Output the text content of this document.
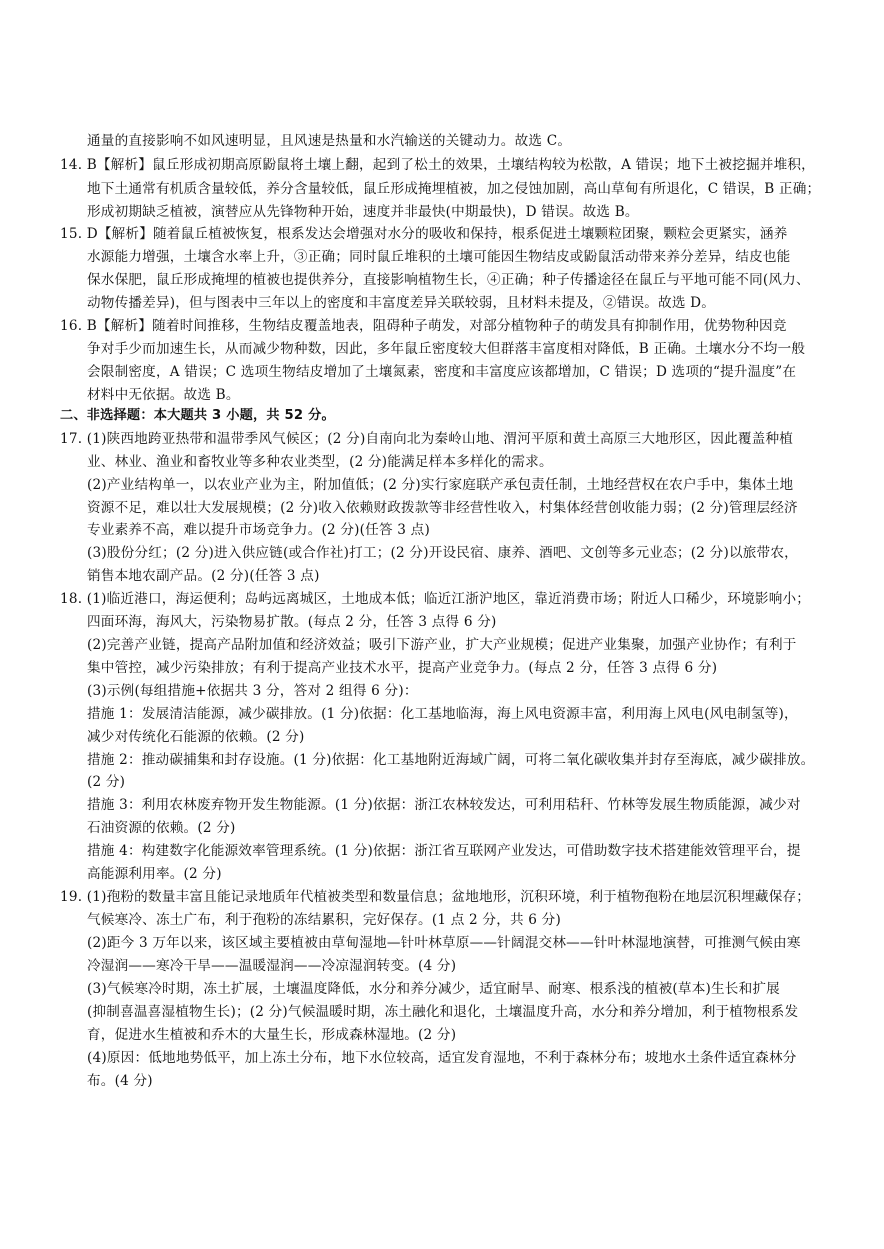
通量的直接影响不如风速明显，且风速是热量和水汽输送的关键动力。故选 C。
14. B【解析】鼠丘形成初期高原鼢鼠将土壤上翻，起到了松土的效果，土壤结构较为松散，A 错误；地下土被挖掘并堆积，
地下土通常有机质含量较低，养分含量较低，鼠丘形成掩埋植被，加之侵蚀加剧，高山草甸有所退化，C 错误，B 正确；
形成初期缺乏植被，演替应从先锋物种开始，速度并非最快(中期最快)，D 错误。故选 B。
15. D【解析】随着鼠丘植被恢复，根系发达会增强对水分的吸收和保持，根系促进土壤颗粒团聚，颗粒会更紧实，涵养
水源能力增强，土壤含水率上升，③正确；同时鼠丘堆积的土壤可能因生物结皮或鼢鼠活动带来养分差异，结皮也能
保水保肥，鼠丘形成掩埋的植被也提供养分，直接影响植物生长，④正确；种子传播途径在鼠丘与平地可能不同(风力、
动物传播差异)，但与图表中三年以上的密度和丰富度差异关联较弱，且材料未提及，②错误。故选 D。
16. B【解析】随着时间推移，生物结皮覆盖地表，阻碍种子萌发，对部分植物种子的萌发具有抑制作用，优势物种因竞
争对手少而加速生长，从而减少物种数，因此，多年鼠丘密度较大但群落丰富度相对降低，B 正确。土壤水分不均一般
会限制密度，A 错误；C 选项生物结皮增加了土壤氮素，密度和丰富度应该都增加，C 错误；D 选项的“提升温度”在
材料中无依据。故选 B。
二、非选择题：本大题共 3 小题，共 52 分。
17. (1)陕西地跨亚热带和温带季风气候区；(2 分)自南向北为秦岭山地、渭河平原和黄土高原三大地形区，因此覆盖种植
业、林业、渔业和畜牧业等多种农业类型，(2 分)能满足样本多样化的需求。
(2)产业结构单一，以农业产业为主，附加值低；(2 分)实行家庭联产承包责任制，土地经营权在农户手中，集体土地
资源不足，难以壮大发展规模；(2 分)收入依赖财政拨款等非经营性收入，村集体经营创收能力弱；(2 分)管理层经济
专业素养不高，难以提升市场竞争力。(2 分)(任答 3 点)
(3)股份分红；(2 分)进入供应链(或合作社)打工；(2 分)开设民宿、康养、酒吧、文创等多元业态；(2 分)以旅带农，
销售本地农副产品。(2 分)(任答 3 点)
18. (1)临近港口，海运便利；岛屿远离城区，土地成本低；临近江浙沪地区，靠近消费市场；附近人口稀少，环境影响小；
四面环海，海风大，污染物易扩散。(每点 2 分，任答 3 点得 6 分)
(2)完善产业链，提高产品附加值和经济效益；吸引下游产业，扩大产业规模；促进产业集聚，加强产业协作；有利于
集中管控，减少污染排放；有利于提高产业技术水平，提高产业竞争力。(每点 2 分，任答 3 点得 6 分)
(3)示例(每组措施+依据共 3 分，答对 2 组得 6 分)：
措施 1：发展清洁能源，减少碳排放。(1 分)依据：化工基地临海，海上风电资源丰富，利用海上风电(风电制氢等)，
减少对传统化石能源的依赖。(2 分)
措施 2：推动碳捕集和封存设施。(1 分)依据：化工基地附近海域广阔，可将二氧化碳收集并封存至海底，减少碳排放。
(2 分)
措施 3：利用农林废弃物开发生物能源。(1 分)依据：浙江农林较发达，可利用秸秆、竹林等发展生物质能源，减少对
石油资源的依赖。(2 分)
措施 4：构建数字化能源效率管理系统。(1 分)依据：浙江省互联网产业发达，可借助数字技术搭建能效管理平台，提
高能源利用率。(2 分)
19. (1)孢粉的数量丰富且能记录地质年代植被类型和数量信息；盆地地形，沉积环境，利于植物孢粉在地层沉积埋藏保存；
气候寒冷、冻土广布，利于孢粉的冻结累积，完好保存。(1 点 2 分，共 6 分)
(2)距今 3 万年以来，该区域主要植被由草甸湿地—针叶林草原——针阔混交林——针叶林湿地演替，可推测气候由寒
冷湿润——寒冷干旱——温暖湿润——冷凉湿润转变。(4 分)
(3)气候寒冷时期，冻土扩展，土壤温度降低，水分和养分减少，适宜耐旱、耐寒、根系浅的植被(草本)生长和扩展
(抑制喜温喜湿植物生长)；(2 分)气候温暖时期，冻土融化和退化，土壤温度升高，水分和养分增加，利于植物根系发
育，促进水生植被和乔木的大量生长，形成森林湿地。(2 分)
(4)原因：低地地势低平，加上冻土分布，地下水位较高，适宜发育湿地，不利于森林分布；坡地水土条件适宜森林分
布。(4 分)
